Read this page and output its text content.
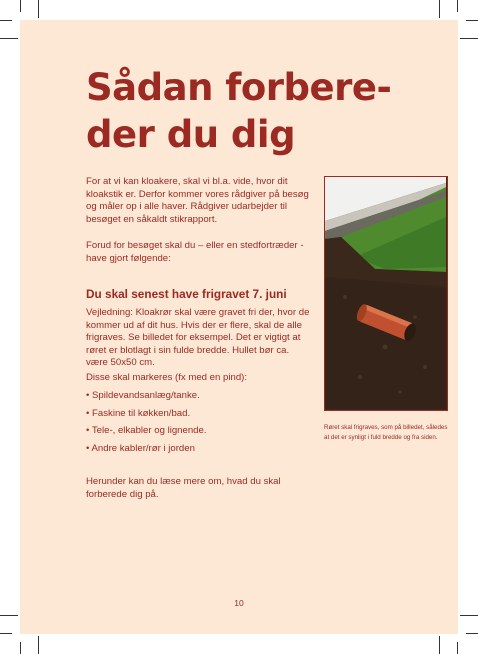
Sådan forbere-
der du dig

For at vi kan kloakere, skal vi bl.a. vide, hvor dit kloakstik er. Derfor kommer vores rådgiver på besøg og måler op i alle haver. Rådgiver udarbejder til besøget en såkaldt stikrapport.

Forud for besøget skal du – eller en stedfortræder - have gjort følgende:

Du skal senest have frigravet 7. juni

Vejledning: Kloakrør skal være gravet fri der, hvor de kommer ud af dit hus. Hvis der er flere, skal de alle frigraves. Se billedet for eksempel. Det er vigtigt at røret er blotlagt i sin fulde bredde. Hullet bør ca. være 50x50 cm.

Disse skal markeres (fx med en pind):

• Spildevandsanlæg/tanke.
• Faskine til køkken/bad.
• Tele-, elkabler og lignende.
• Andre kabler/rør i jorden

Herunder kan du læse mere om, hvad du skal forberede dig på.

Røret skal frigraves, som på billedet, således at det er synligt i fuld bredde og fra siden.

10
